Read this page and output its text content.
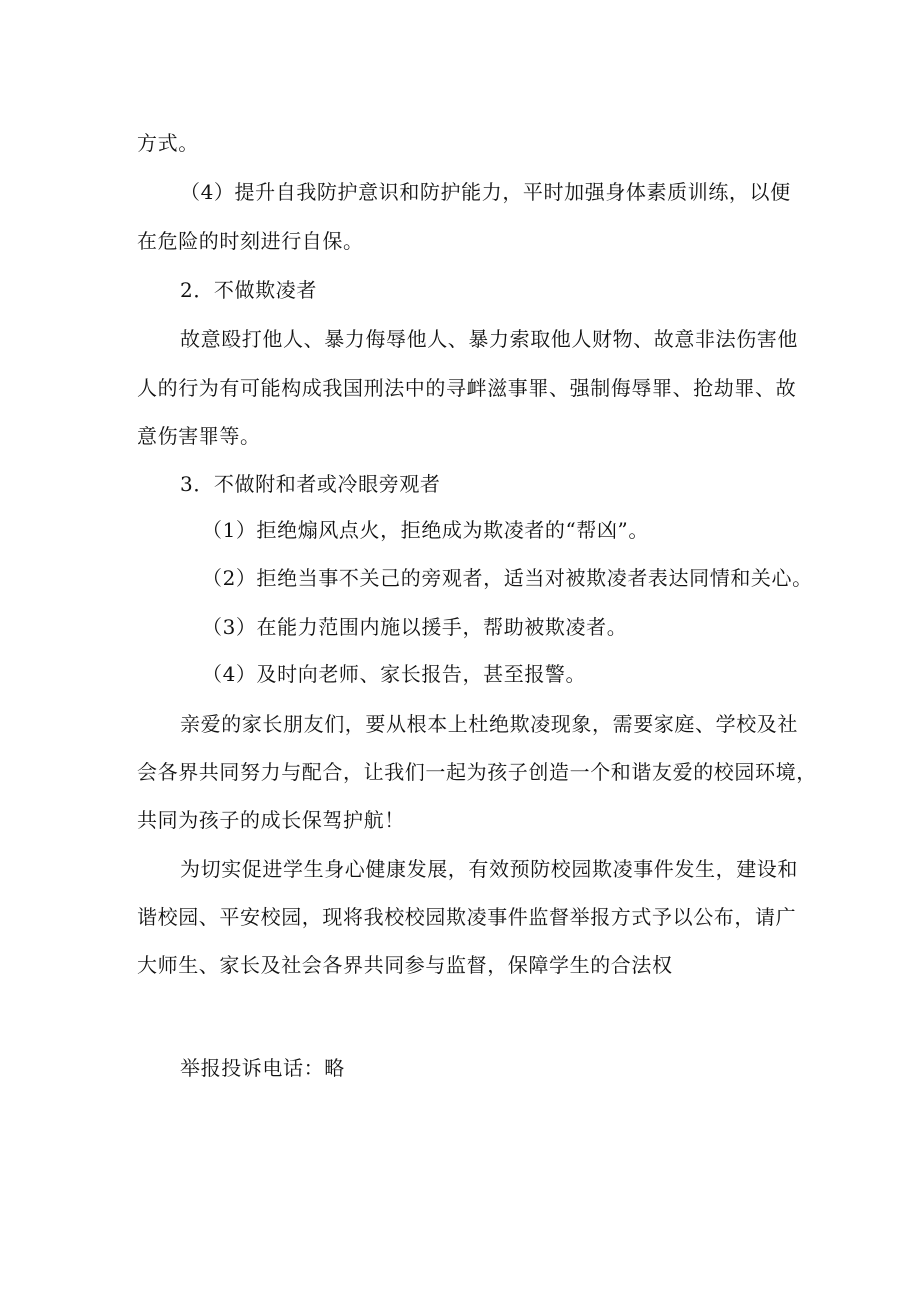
方式。
（4）提升自我防护意识和防护能力，平时加强身体素质训练，以便
在危险的时刻进行自保。
2．不做欺凌者
故意殴打他人、暴力侮辱他人、暴力索取他人财物、故意非法伤害他
人的行为有可能构成我国刑法中的寻衅滋事罪、强制侮辱罪、抢劫罪、故
意伤害罪等。
3．不做附和者或冷眼旁观者
（1）拒绝煽风点火，拒绝成为欺凌者的“帮凶”。
（2）拒绝当事不关己的旁观者，适当对被欺凌者表达同情和关心。
（3）在能力范围内施以援手，帮助被欺凌者。
（4）及时向老师、家长报告，甚至报警。
亲爱的家长朋友们，要从根本上杜绝欺凌现象，需要家庭、学校及社
会各界共同努力与配合，让我们一起为孩子创造一个和谐友爱的校园环境，
共同为孩子的成长保驾护航！
为切实促进学生身心健康发展，有效预防校园欺凌事件发生，建设和
谐校园、平安校园，现将我校校园欺凌事件监督举报方式予以公布，请广
大师生、家长及社会各界共同参与监督，保障学生的合法权
举报投诉电话：略
